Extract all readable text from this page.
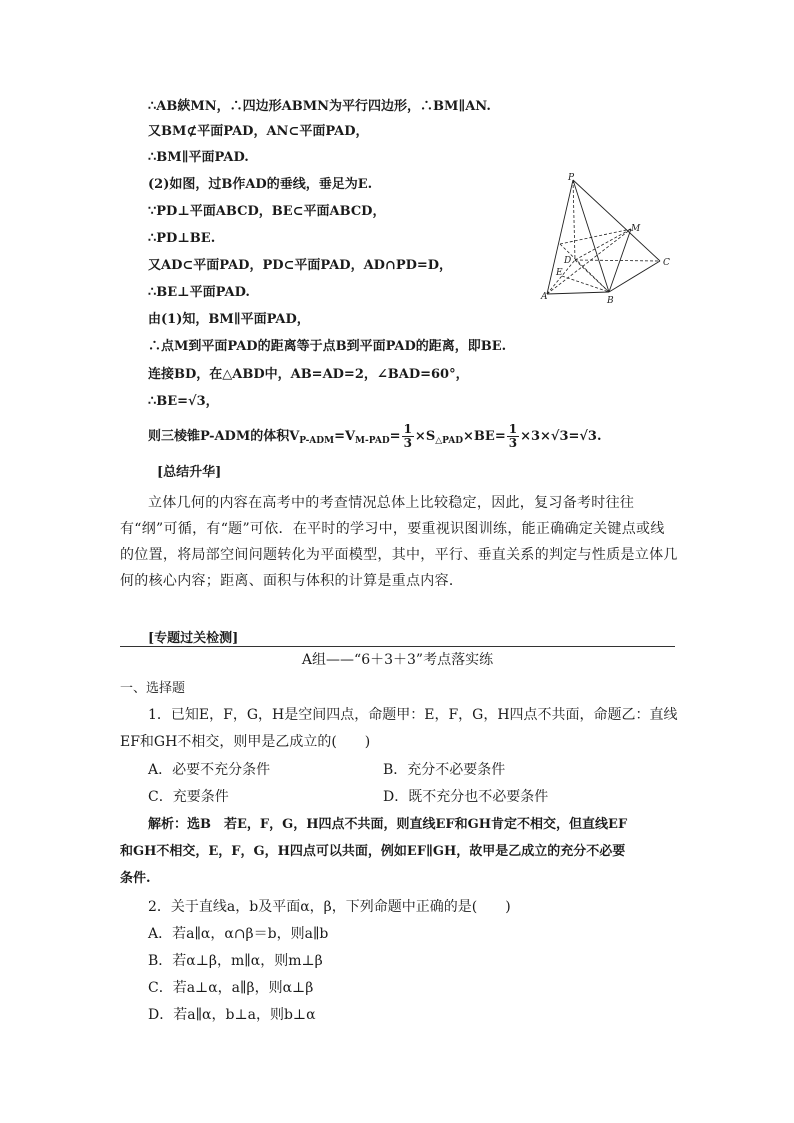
∴AB綊MN，∴四边形ABMN为平行四边形，∴BM∥AN.
又BM⊄平面PAD，AN⊂平面PAD，
∴BM∥平面PAD.
(2)如图，过B作AD的垂线，垂足为E.
∵PD⊥平面ABCD，BE⊂平面ABCD，
∴PD⊥BE.
又AD⊂平面PAD，PD⊂平面PAD，AD∩PD=D，
∴BE⊥平面PAD.
由(1)知，BM∥平面PAD，
∴点M到平面PAD的距离等于点B到平面PAD的距离，即BE.
连接BD，在△ABD中，AB=AD=2，∠BAD=60°，
∴BE=√3，
则三棱锥P-ADM的体积$V_{P-ADM}=V_{M-PAD}= \frac{1}{3} \times S_{\triangle PAD}\times BE= \frac{1}{3} \times 3\times√3=√3$.
P
M
D	C
E
A	B
[总结升华]
立体几何的内容在高考中的考查情况总体上比较稳定，因此，复习备考时往往有“纲”可循，有“题”可依．在平时的学习中，要重视识图训练，能正确确定关键点或线的位置，将局部空间问题转化为平面模型，其中，平行、垂直关系的判定与性质是立体几何的核心内容；距离、面积与体积的计算是重点内容．
[专题过关检测]
A组——“6＋3＋3”考点落实练
一、选择题
1．已知E，F，G，H是空间四点，命题甲：E，F，G，H四点不共面，命题乙：直线
EF和GH不相交，则甲是乙成立的(　　)
A．必要不充分条件	B．充分不必要条件
C．充要条件	D．既不充分也不必要条件
解析：选B　若E，F，G，H四点不共面，则直线EF和GH肯定不相交，但直线EF
和GH不相交，E，F，G，H四点可以共面，例如EF∥GH，故甲是乙成立的充分不必要
条件.
2．关于直线a，b及平面α，β，下列命题中正确的是(　　)
A．若a∥α，α∩β＝b，则a∥b
B．若α⊥β，m∥α，则m⊥β
C．若a⊥α，a∥β，则α⊥β
D．若a∥α，b⊥a，则b⊥α
